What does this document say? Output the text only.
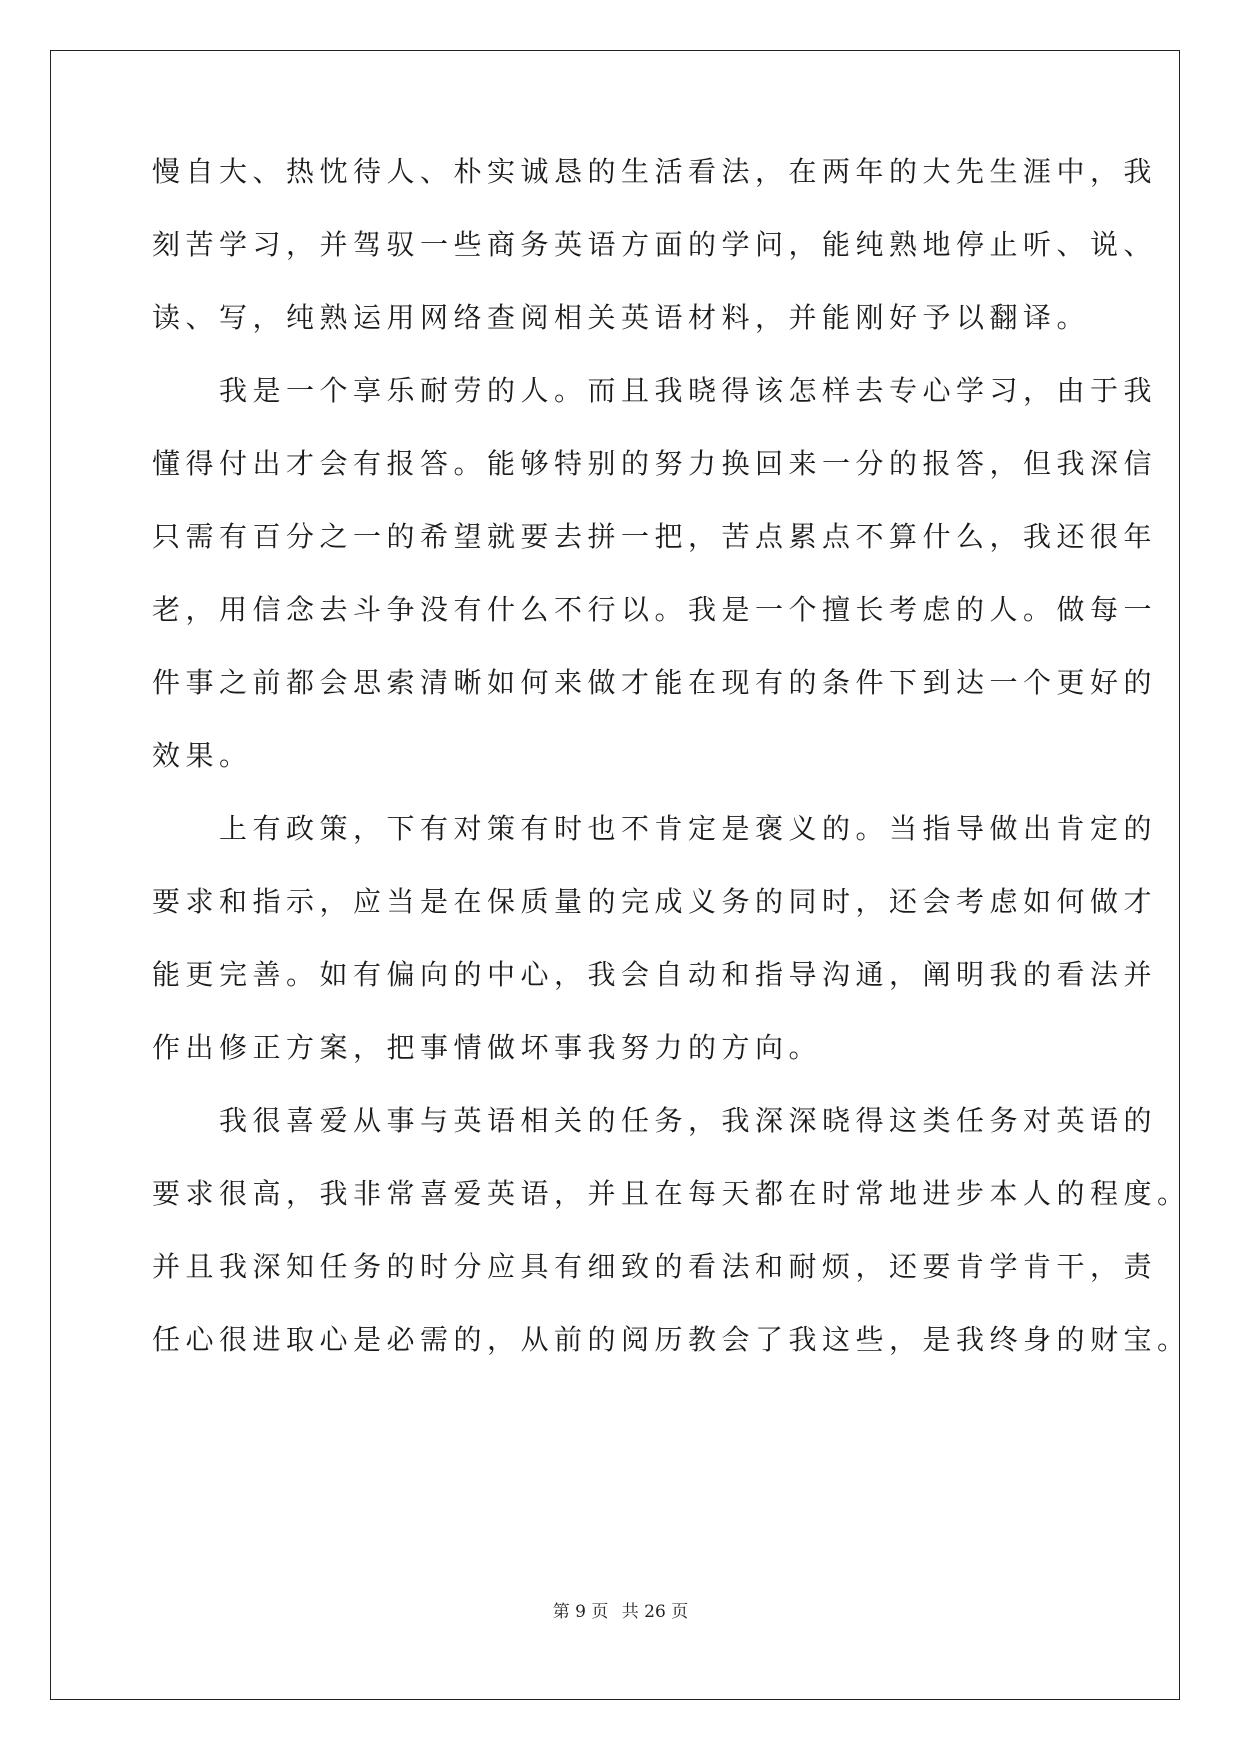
慢自大、热忱待人、朴实诚恳的生活看法，在两年的大先生涯中，我
刻苦学习，并驾驭一些商务英语方面的学问，能纯熟地停止听、说、
读、写，纯熟运用网络查阅相关英语材料，并能刚好予以翻译。
　　我是一个享乐耐劳的人。而且我晓得该怎样去专心学习，由于我
懂得付出才会有报答。能够特别的努力换回来一分的报答，但我深信
只需有百分之一的希望就要去拼一把，苦点累点不算什么，我还很年
老，用信念去斗争没有什么不行以。我是一个擅长考虑的人。做每一
件事之前都会思索清晰如何来做才能在现有的条件下到达一个更好的
效果。
　　上有政策，下有对策有时也不肯定是褒义的。当指导做出肯定的
要求和指示，应当是在保质量的完成义务的同时，还会考虑如何做才
能更完善。如有偏向的中心，我会自动和指导沟通，阐明我的看法并
作出修正方案，把事情做坏事我努力的方向。
　　我很喜爱从事与英语相关的任务，我深深晓得这类任务对英语的
要求很高，我非常喜爱英语，并且在每天都在时常地进步本人的程度。
并且我深知任务的时分应具有细致的看法和耐烦，还要肯学肯干，责
任心很进取心是必需的，从前的阅历教会了我这些，是我终身的财宝。
第 9 页 共 26 页
